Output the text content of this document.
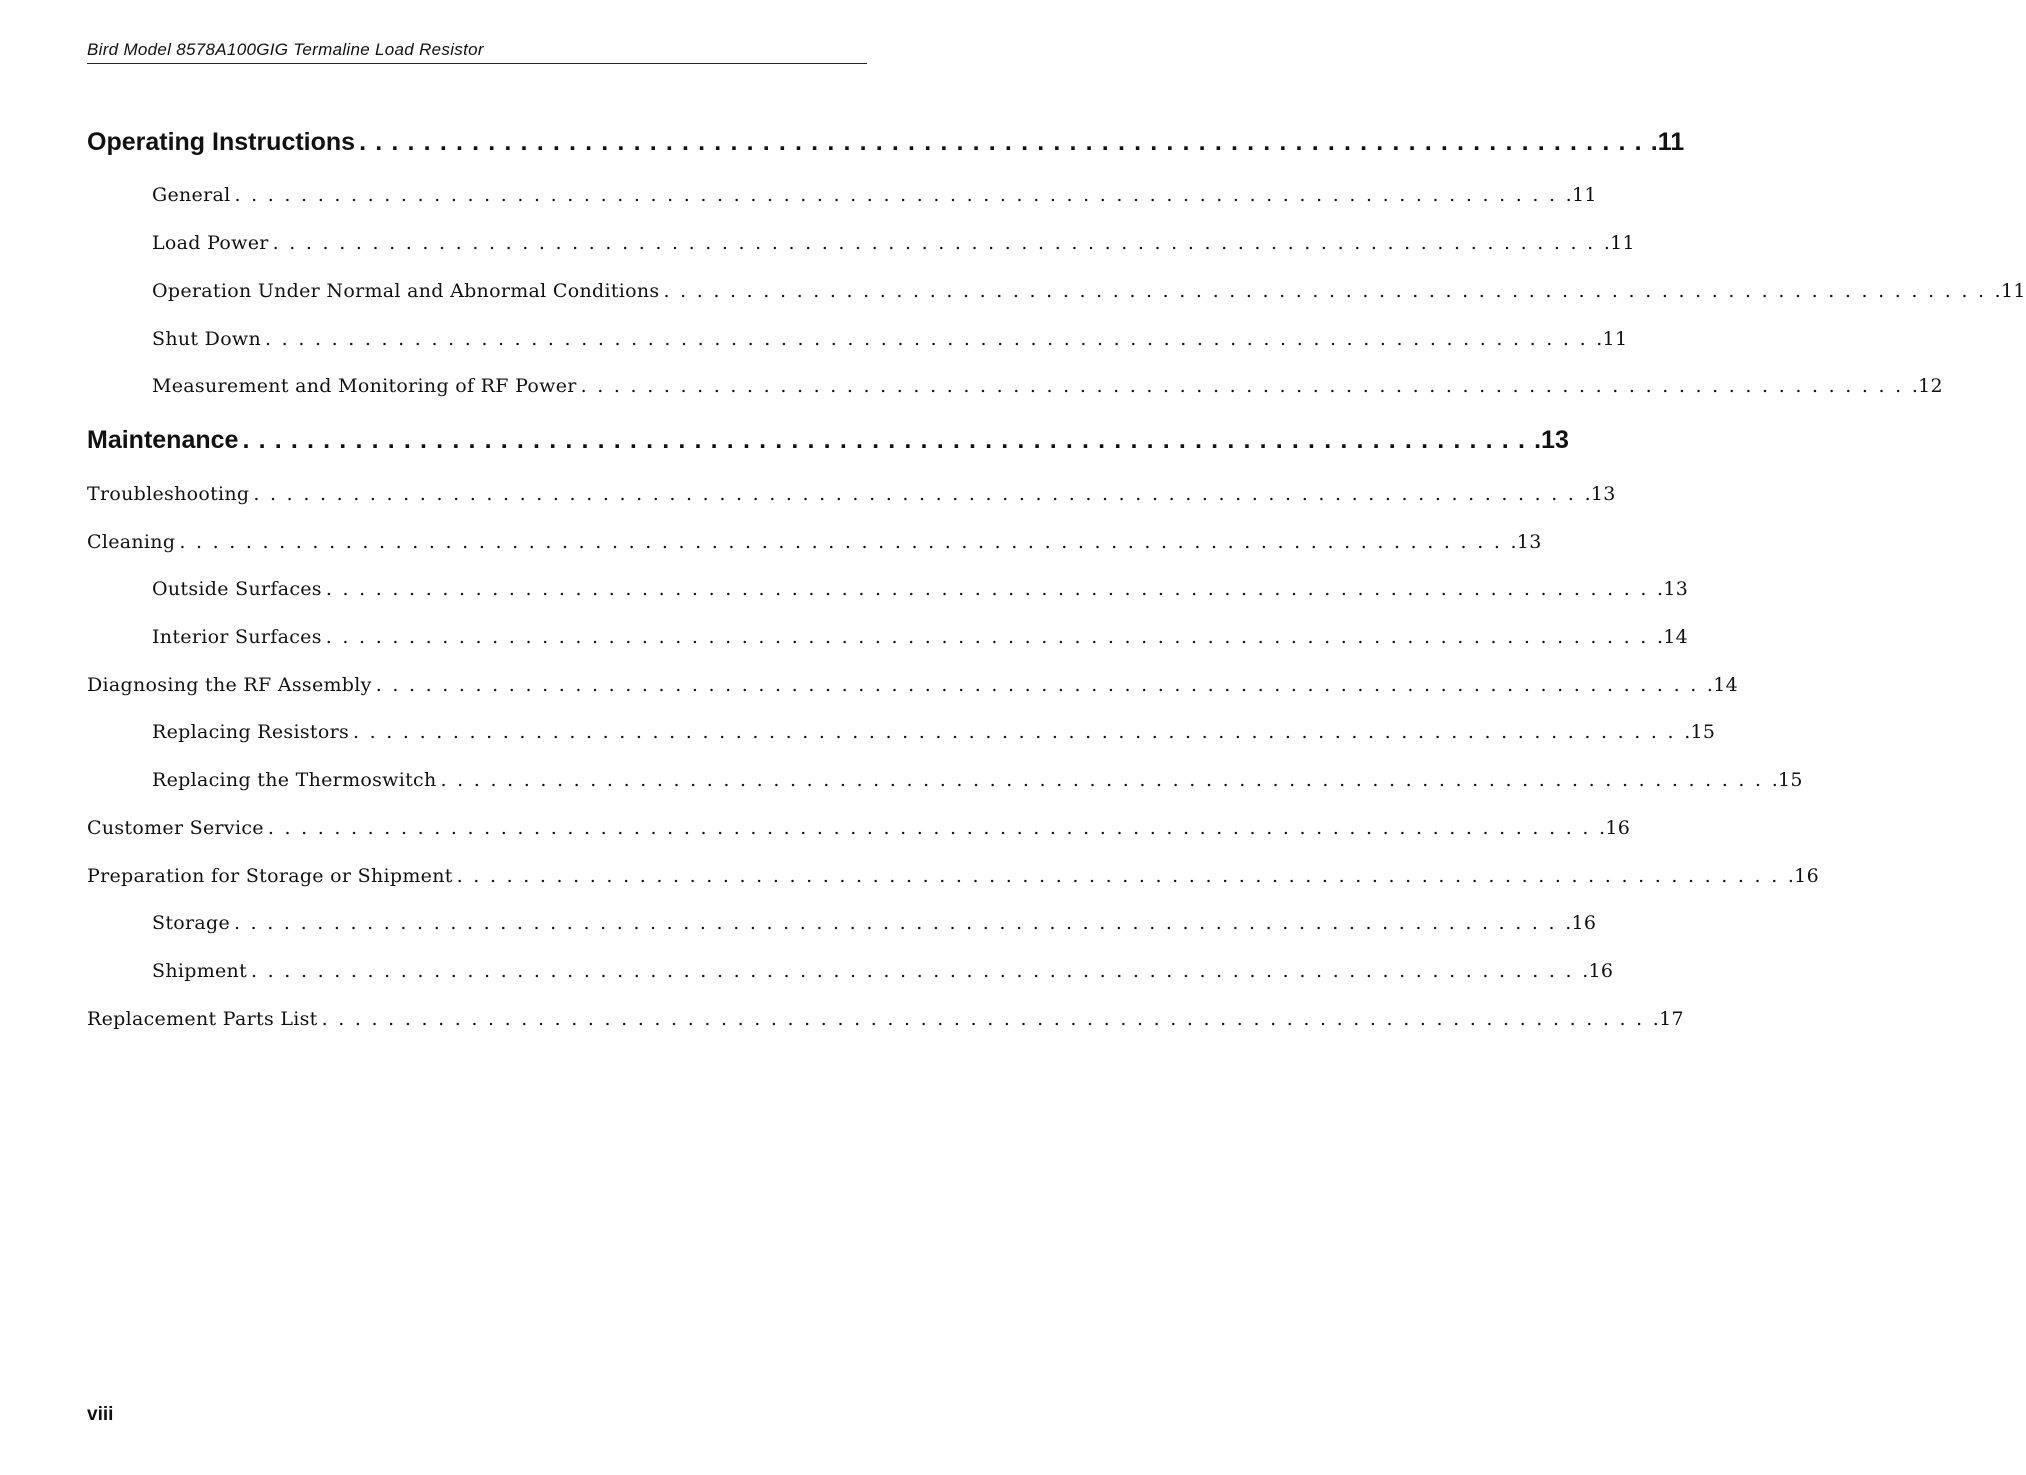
Bird Model 8578A100GIG Termaline Load Resistor
Operating Instructions ................................................................................ .11
General ................................................................................ .11
Load Power ................................................................................ .11
Operation Under Normal and Abnormal Conditions ................................................................................ .11
Shut Down ................................................................................ .11
Measurement and Monitoring of RF Power ................................................................................ .12
Maintenance ................................................................................ .13
Troubleshooting ................................................................................ .13
Cleaning ................................................................................ .13
Outside Surfaces ................................................................................ .13
Interior Surfaces ................................................................................ .14
Diagnosing the RF Assembly ................................................................................ .14
Replacing Resistors ................................................................................ .15
Replacing the Thermoswitch ................................................................................ .15
Customer Service ................................................................................ .16
Preparation for Storage or Shipment ................................................................................ .16
Storage ................................................................................ .16
Shipment ................................................................................ .16
Replacement Parts List ................................................................................ .17
viii
